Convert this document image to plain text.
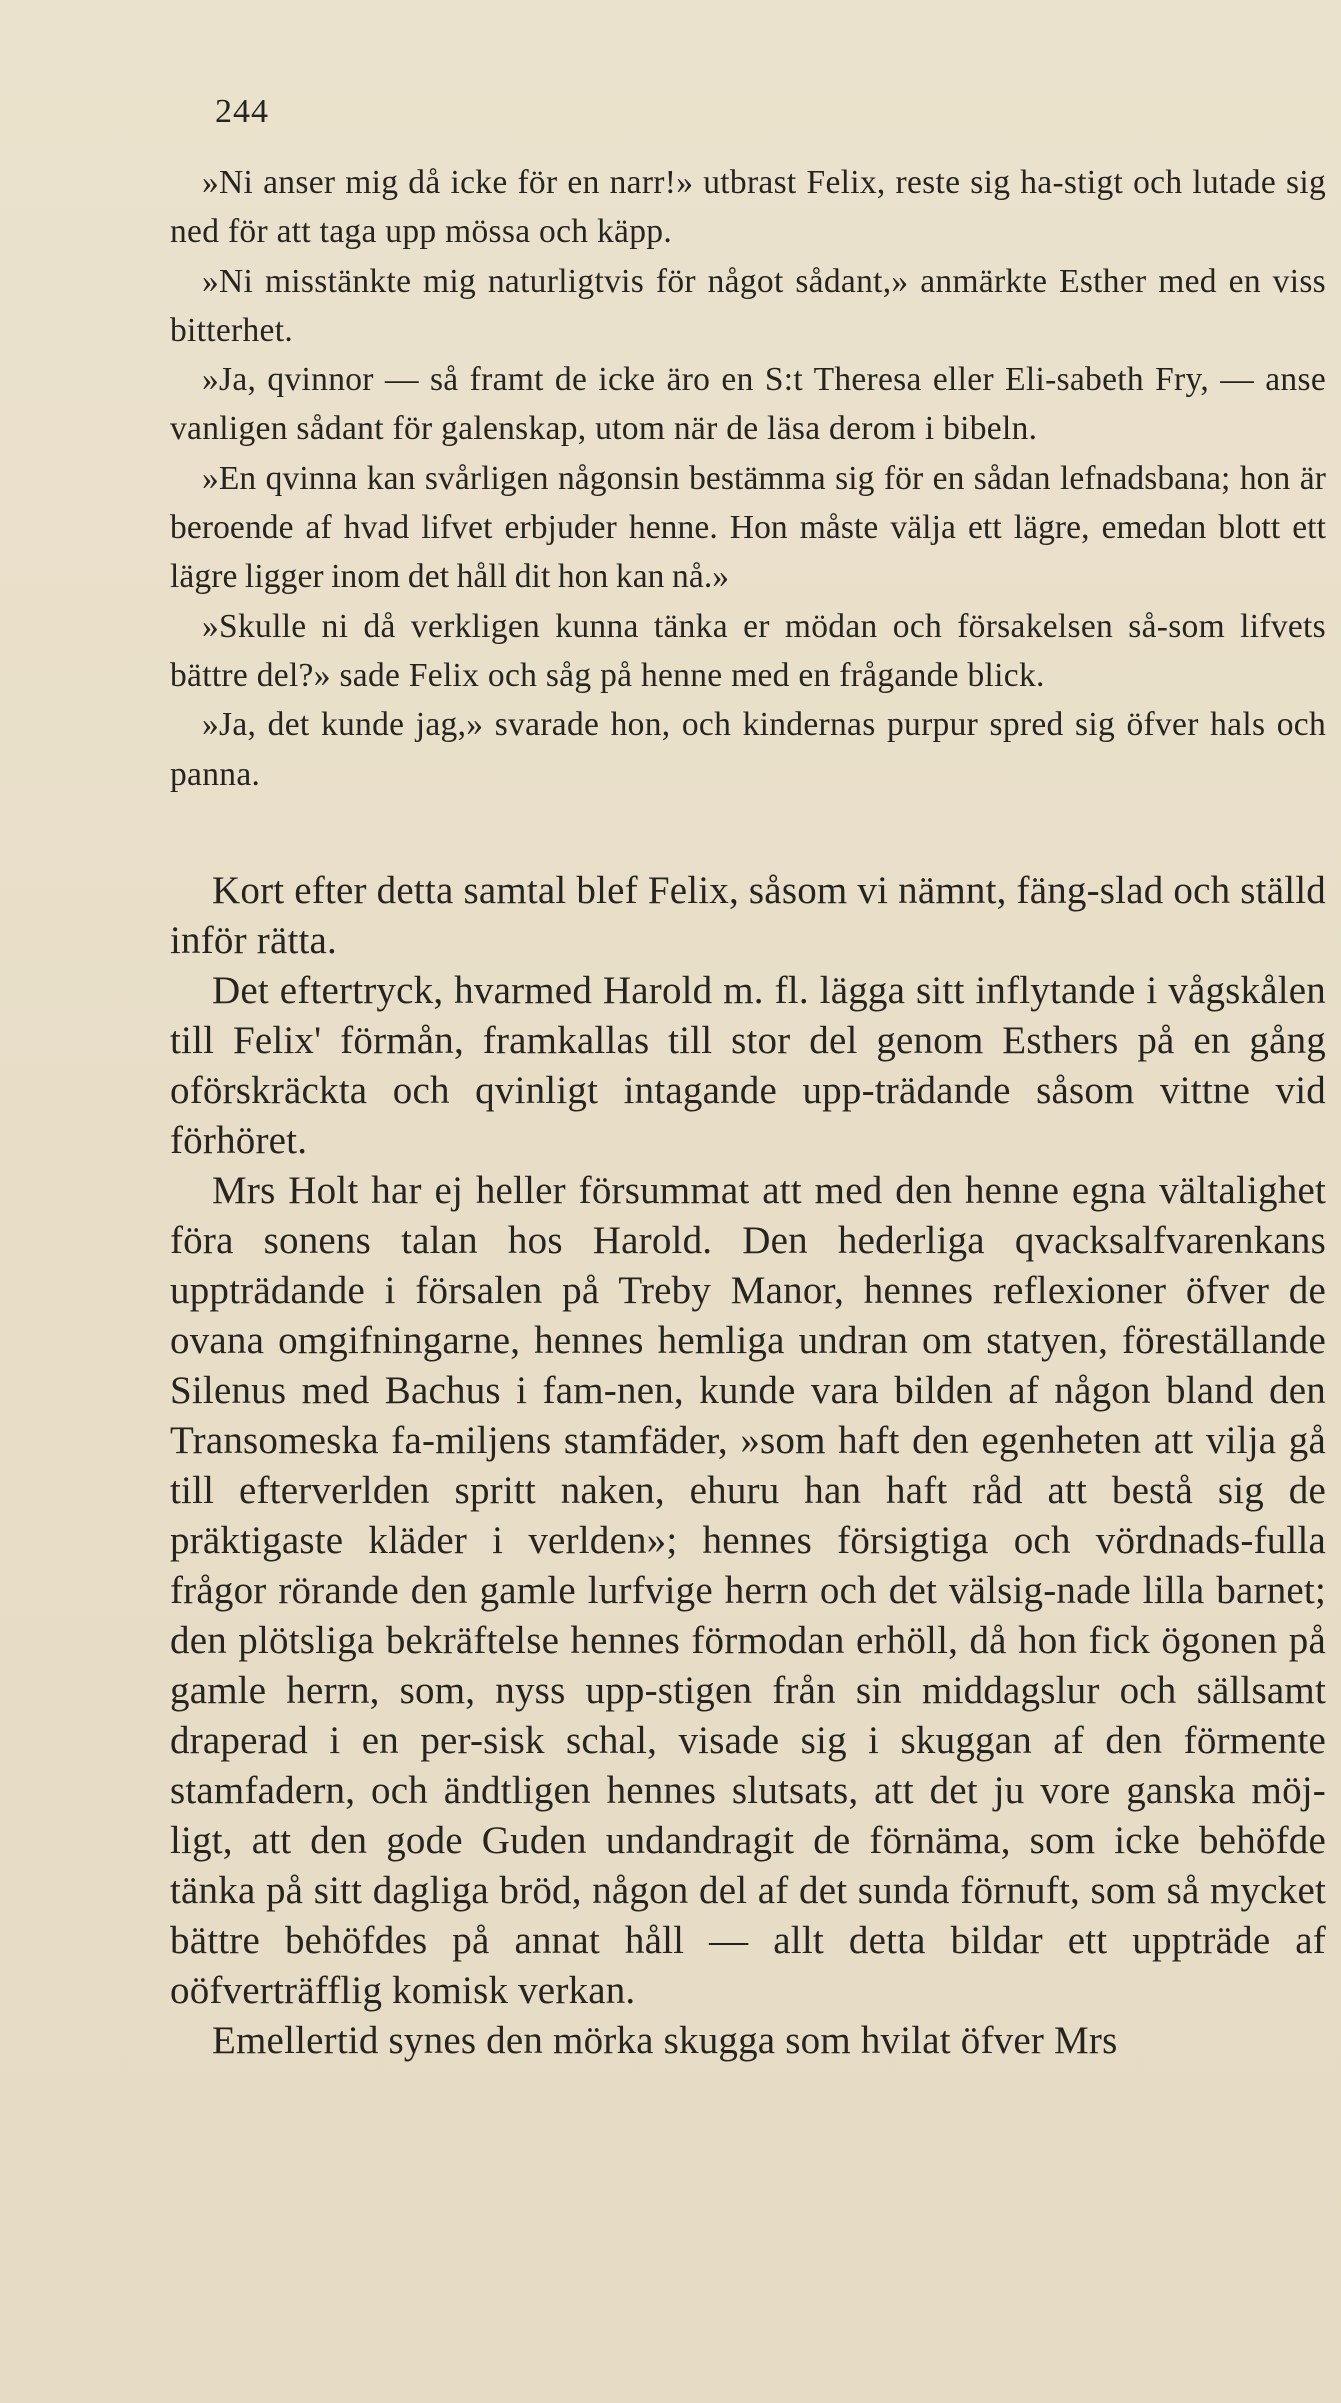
244

»Ni anser mig då icke för en narr!» utbrast Felix, reste sig ha-stigt och lutade sig ned för att taga upp mössa och käpp.

»Ni misstänkte mig naturligtvis för något sådant,» anmärkte Esther med en viss bitterhet.

»Ja, qvinnor — så framt de icke äro en S:t Theresa eller Eli-sabeth Fry, — anse vanligen sådant för galenskap, utom när de läsa derom i bibeln.

»En qvinna kan svårligen någonsin bestämma sig för en sådan lefnadsbana; hon är beroende af hvad lifvet erbjuder henne. Hon måste välja ett lägre, emedan blott ett lägre ligger inom det håll dit hon kan nå.»

»Skulle ni då verkligen kunna tänka er mödan och försakelsen så-som lifvets bättre del?» sade Felix och såg på henne med en frågande blick.

»Ja, det kunde jag,» svarade hon, och kindernas purpur spred sig öfver hals och panna.

Kort efter detta samtal blef Felix, såsom vi nämnt, fäng-slad och ställd inför rätta.

Det eftertryck, hvarmed Harold m. fl. lägga sitt inflytande i vågskålen till Felix' förmån, framkallas till stor del genom Esthers på en gång oförskräckta och qvinligt intagande upp-trädande såsom vittne vid förhöret.

Mrs Holt har ej heller försummat att med den henne egna vältalighet föra sonens talan hos Harold. Den hederliga qvacksalfvarenkans uppträdande i försalen på Treby Manor, hennes reflexioner öfver de ovana omgifningarne, hennes hemliga undran om statyen, föreställande Silenus med Bachus i fam-nen, kunde vara bilden af någon bland den Transomeska fa-miljens stamfäder, »som haft den egenheten att vilja gå till efterverlden spritt naken, ehuru han haft råd att bestå sig de präktigaste kläder i verlden»; hennes försigtiga och vördnads-fulla frågor rörande den gamle lurfvige herrn och det välsig-nade lilla barnet; den plötsliga bekräftelse hennes förmodan erhöll, då hon fick ögonen på gamle herrn, som, nyss upp-stigen från sin middagslur och sällsamt draperad i en per-sisk schal, visade sig i skuggan af den förmente stamfadern, och ändtligen hennes slutsats, att det ju vore ganska möj-ligt, att den gode Guden undandragit de förnäma, som icke behöfde tänka på sitt dagliga bröd, någon del af det sunda förnuft, som så mycket bättre behöfdes på annat håll — allt detta bildar ett uppträde af oöfverträfflig komisk verkan.

Emellertid synes den mörka skugga som hvilat öfver Mrs
